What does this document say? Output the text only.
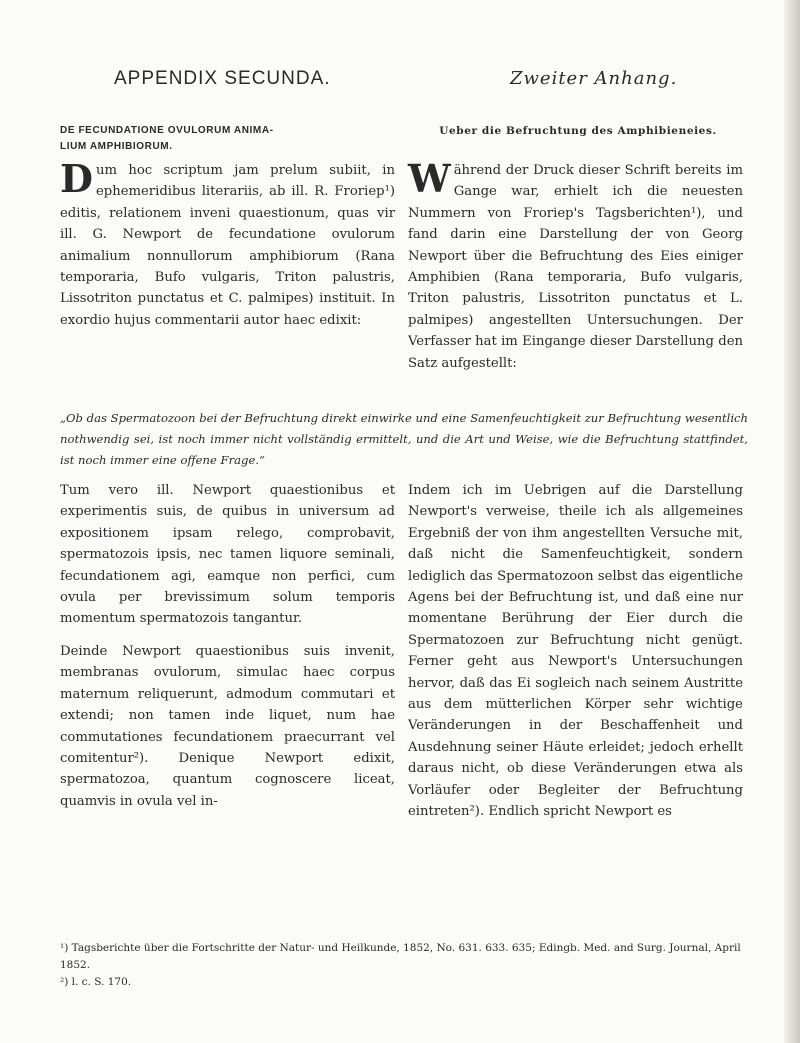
APPENDIX SECUNDA.	Zweiter Anhang.
DE FECUNDATIONE OVULORUM ANIMA-
LIUM AMPHIBIORUM.
Ueber die Befruchtung des Amphibieneies.
Dum hoc scriptum jam prelum subiit, in ephemeridibus literariis, ab ill. R. Froriep¹) editis, relationem inveni quaestionum, quas vir ill. G. Newport de fecundatione ovulorum animalium nonnullorum amphibiorum (Rana temporaria, Bufo vulgaris, Triton palustris, Lissotriton punctatus et C. palmipes) instituit. In exordio hujus commentarii autor haec edixit:
Während der Druck dieser Schrift bereits im Gange war, erhielt ich die neuesten Nummern von Froriep's Tagsberichten¹), und fand darin eine Darstellung der von Georg Newport über die Befruchtung des Eies einiger Amphibien (Rana temporaria, Bufo vulgaris, Triton palustris, Lissotriton punctatus et L. palmipes) angestellten Untersuchungen. Der Verfasser hat im Eingange dieser Darstellung den Satz aufgestellt:
„Ob das Spermatozoon bei der Befruchtung direkt einwirke und eine Samenfeuchtigkeit zur Befruchtung wesentlich nothwendig sei, ist noch immer nicht vollständig ermittelt, und die Art und Weise, wie die Befruchtung stattfindet, ist noch immer eine offene Frage.“
Tum vero ill. Newport quaestionibus et experimentis suis, de quibus in universum ad expositionem ipsam relego, comprobavit, spermatozois ipsis, nec tamen liquore seminali, fecundationem agi, eamque non perfici, cum ovula per brevissimum solum temporis momentum spermatozois tangantur.
Deinde Newport quaestionibus suis invenit, membranas ovulorum, simulac haec corpus maternum reliquerunt, admodum commutari et extendi; non tamen inde liquet, num hae commutationes fecundationem praecurrant vel comitentur²). Denique Newport edixit, spermatozoa, quantum cognoscere liceat, quamvis in ovula vel in-
Indem ich im Uebrigen auf die Darstellung Newport's verweise, theile ich als allgemeines Ergebniß der von ihm angestellten Versuche mit, daß nicht die Samenfeuchtigkeit, sondern lediglich das Spermatozoon selbst das eigentliche Agens bei der Befruchtung ist, und daß eine nur momentane Berührung der Eier durch die Spermatozoen zur Befruchtung nicht genügt. Ferner geht aus Newport's Untersuchungen hervor, daß das Ei sogleich nach seinem Austritte aus dem mütterlichen Körper sehr wichtige Veränderungen in der Beschaffenheit und Ausdehnung seiner Häute erleidet; jedoch erhellt daraus nicht, ob diese Veränderungen etwa als Vorläufer oder Begleiter der Befruchtung eintreten²). Endlich spricht Newport es
¹) Tagsberichte über die Fortschritte der Natur- und Heilkunde, 1852, No. 631. 633. 635; Edingb. Med. and Surg. Journal, April 1852.
²) l. c. S. 170.
